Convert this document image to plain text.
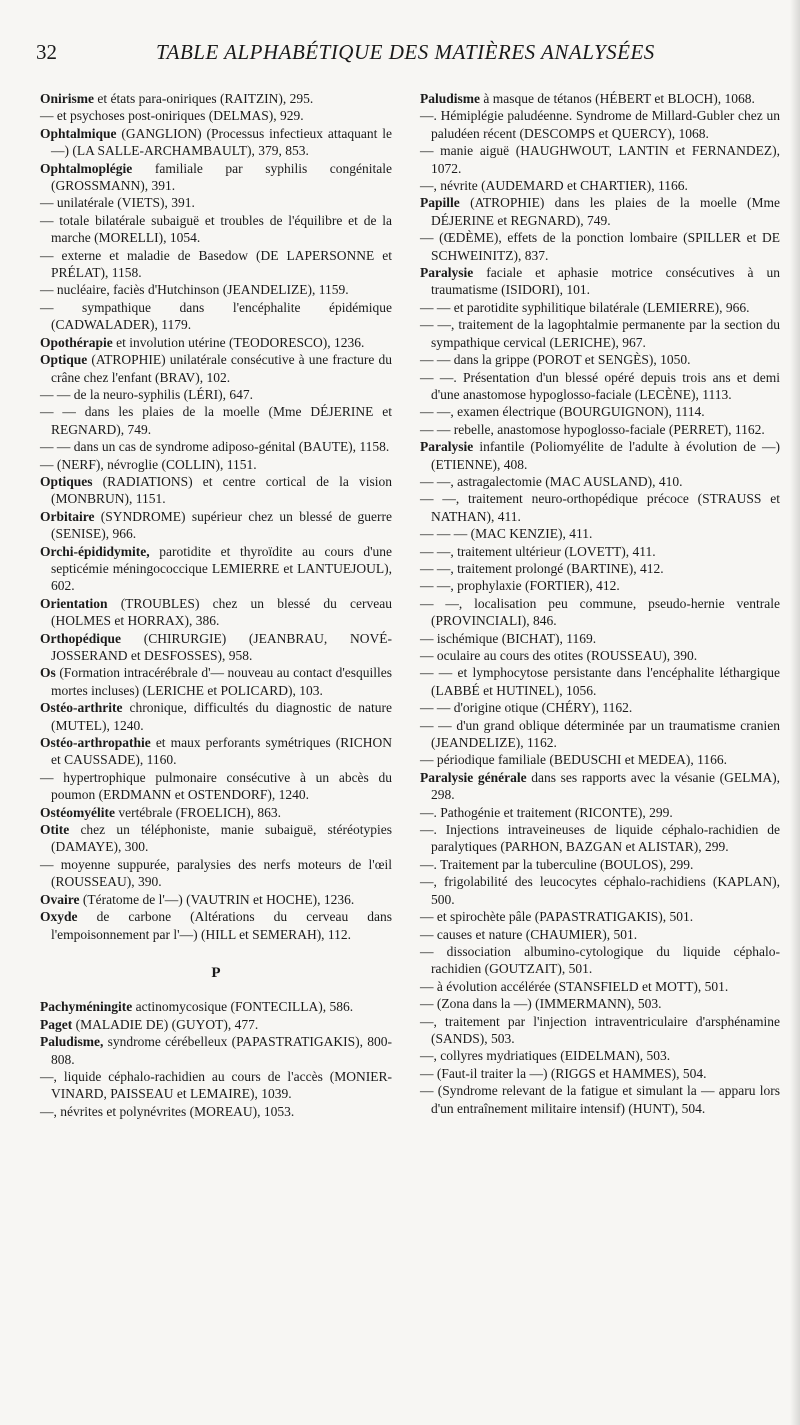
32	TABLE ALPHABÉTIQUE DES MATIÈRES ANALYSÉES

Onirisme et états para-oniriques (RAITZIN), 295.

— et psychoses post-oniriques (DELMAS), 929.

Ophtalmique (GANGLION) (Processus infectieux attaquant le —) (LA SALLE-ARCHAMBAULT), 379, 853.

Ophtalmoplégie familiale par syphilis congénitale (GROSSMANN), 391.

— unilatérale (VIETS), 391.

— totale bilatérale subaiguë et troubles de l'équilibre et de la marche (MORELLI), 1054.

— externe et maladie de Basedow (DE LAPERSONNE et PRÉLAT), 1158.

— nucléaire, faciès d'Hutchinson (JEANDELIZE), 1159.

— sympathique dans l'encéphalite épidémique (CADWALADER), 1179.

Opothérapie et involution utérine (TEODORESCO), 1236.

Optique (ATROPHIE) unilatérale consécutive à une fracture du crâne chez l'enfant (BRAV), 102.

— — de la neuro-syphilis (LÉRI), 647.

— — dans les plaies de la moelle (Mme DÉJERINE et REGNARD), 749.

— — dans un cas de syndrome adiposo-génital (BAUTE), 1158.

— (NERF), névroglie (COLLIN), 1151.

Optiques (RADIATIONS) et centre cortical de la vision (MONBRUN), 1151.

Orbitaire (SYNDROME) supérieur chez un blessé de guerre (SENISE), 966.

Orchi-épididymite, parotidite et thyroïdite au cours d'une septicémie méningococcique LEMIERRE et LANTUEJOUL), 602.

Orientation (TROUBLES) chez un blessé du cerveau (HOLMES et HORRAX), 386.

Orthopédique (CHIRURGIE) (JEANBRAU, NOVÉ-JOSSERAND et DESFOSSES), 958.

Os (Formation intracérébrale d'— nouveau au contact d'esquilles mortes incluses) (LERICHE et POLICARD), 103.

Ostéo-arthrite chronique, difficultés du diagnostic de nature (MUTEL), 1240.

Ostéo-arthropathie et maux perforants symétriques (RICHON et CAUSSADE), 1160.

— hypertrophique pulmonaire consécutive à un abcès du poumon (ERDMANN et OSTENDORF), 1240.

Ostéomyélite vertébrale (FROELICH), 863.

Otite chez un téléphoniste, manie subaiguë, stéréotypies (DAMAYE), 300.

— moyenne suppurée, paralysies des nerfs moteurs de l'œil (ROUSSEAU), 390.

Ovaire (Tératome de l'—) (VAUTRIN et HOCHE), 1236.

Oxyde de carbone (Altérations du cerveau dans l'empoisonnement par l'—) (HILL et SEMERAH), 112.

P

Pachyméningite actinomycosique (FONTECILLA), 586.

Paget (MALADIE DE) (GUYOT), 477.

Paludisme, syndrome cérébelleux (PAPASTRATIGAKIS), 800-808.

—, liquide céphalo-rachidien au cours de l'accès (MONIER-VINARD, PAISSEAU et LEMAIRE), 1039.

—, névrites et polynévrites (MOREAU), 1053.

Paludisme à masque de tétanos (HÉBERT et BLOCH), 1068.

—. Hémiplégie paludéenne. Syndrome de Millard-Gubler chez un paludéen récent (DESCOMPS et QUERCY), 1068.

— manie aiguë (HAUGHWOUT, LANTIN et FERNANDEZ), 1072.

—, névrite (AUDEMARD et CHARTIER), 1166.

Papille (ATROPHIE) dans les plaies de la moelle (Mme DÉJERINE et REGNARD), 749.

— (ŒDÈME), effets de la ponction lombaire (SPILLER et DE SCHWEINITZ), 837.

Paralysie faciale et aphasie motrice consécutives à un traumatisme (ISIDORI), 101.

— — et parotidite syphilitique bilatérale (LEMIERRE), 966.

— —, traitement de la lagophtalmie permanente par la section du sympathique cervical (LERICHE), 967.

— — dans la grippe (POROT et SENGÈS), 1050.

— —. Présentation d'un blessé opéré depuis trois ans et demi d'une anastomose hypoglosso-faciale (LECÈNE), 1113.

— —, examen électrique (BOURGUIGNON), 1114.

— — rebelle, anastomose hypoglosso-faciale (PERRET), 1162.

Paralysie infantile (Poliomyélite de l'adulte à évolution de —) (ETIENNE), 408.

— —, astragalectomie (MAC AUSLAND), 410.

— —, traitement neuro-orthopédique précoce (STRAUSS et NATHAN), 411.

— — — (MAC KENZIE), 411.

— —, traitement ultérieur (LOVETT), 411.

— —, traitement prolongé (BARTINE), 412.

— —, prophylaxie (FORTIER), 412.

— —, localisation peu commune, pseudo-hernie ventrale (PROVINCIALI), 846.

— ischémique (BICHAT), 1169.

— oculaire au cours des otites (ROUSSEAU), 390.

— — et lymphocytose persistante dans l'encéphalite léthargique (LABBÉ et HUTINEL), 1056.

— — d'origine otique (CHÉRY), 1162.

— — d'un grand oblique déterminée par un traumatisme cranien (JEANDELIZE), 1162.

— périodique familiale (BEDUSCHI et MEDEA), 1166.

Paralysie générale dans ses rapports avec la vésanie (GELMA), 298.

—. Pathogénie et traitement (RICONTE), 299.

—. Injections intraveineuses de liquide céphalo-rachidien de paralytiques (PARHON, BAZGAN et ALISTAR), 299.

—. Traitement par la tuberculine (BOULOS), 299.

—, frigolabilité des leucocytes céphalo-rachidiens (KAPLAN), 500.

— et spirochète pâle (PAPASTRATIGAKIS), 501.

— causes et nature (CHAUMIER), 501.

— dissociation albumino-cytologique du liquide céphalo-rachidien (GOUTZAIT), 501.

— à évolution accélérée (STANSFIELD et MOTT), 501.

— (Zona dans la —) (IMMERMANN), 503.

—, traitement par l'injection intraventriculaire d'arsphénamine (SANDS), 503.

—, collyres mydriatiques (EIDELMAN), 503.

— (Faut-il traiter la —) (RIGGS et HAMMES), 504.

— (Syndrome relevant de la fatigue et simulant la — apparu lors d'un entraînement militaire intensif) (HUNT), 504.
